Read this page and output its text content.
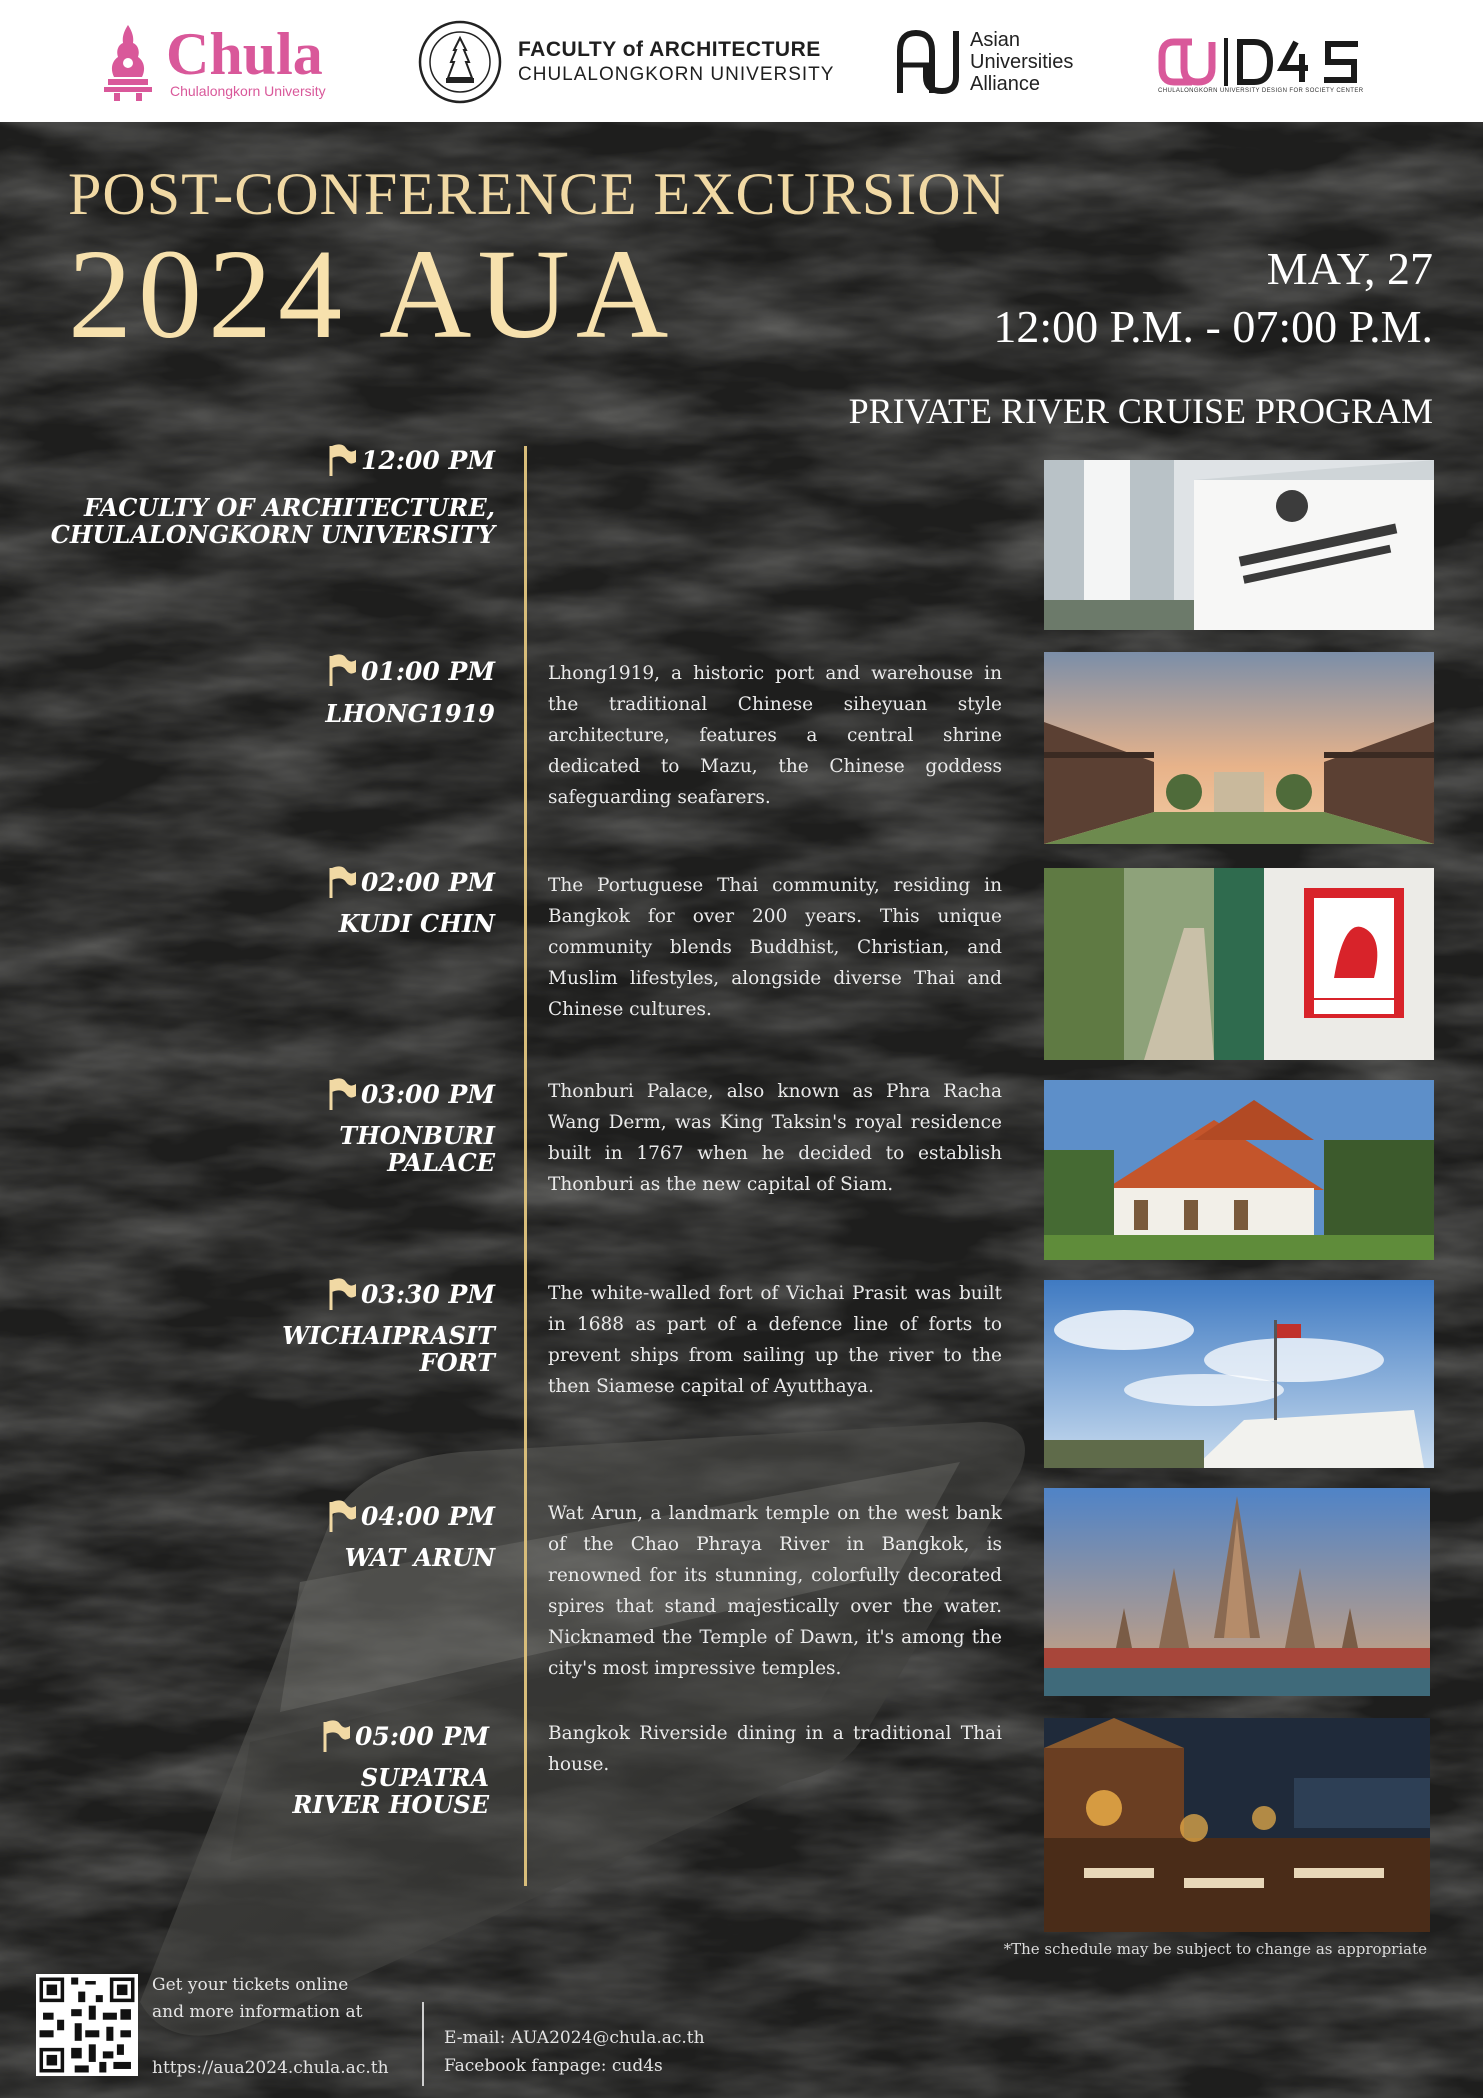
Chula
Chulalongkorn University
FACULTY of ARCHITECTURE
CHULALONGKORN UNIVERSITY
Asian
Universities
Alliance	CHULALONGKORN UNIVERSITY DESIGN FOR SOCIETY CENTER
POST-CONFERENCE EXCURSION
2024 AUA	MAY, 27
12:00 P.M. - 07:00 P.M.
PRIVATE RIVER CRUISE PROGRAM
12:00 PM
FACULTY OF ARCHITECTURE,
CHULALONGKORN UNIVERSITY
01:00 PM
LHONG1919
Lhong1919, a historic port and warehouse in the traditional Chinese siheyuan style architecture, features a central shrine dedicated to Mazu, the Chinese goddess safeguarding seafarers.
02:00 PM
KUDI CHIN
The Portuguese Thai community, residing in Bangkok for over 200 years. This unique community blends Buddhist, Christian, and Muslim lifestyles, alongside diverse Thai and Chinese cultures.
03:00 PM
THONBURI
PALACE
Thonburi Palace, also known as Phra Racha Wang Derm, was King Taksin's royal residence built in 1767 when he decided to establish Thonburi as the new capital of Siam.
03:30 PM
WICHAIPRASIT
FORT
The white-walled fort of Vichai Prasit was built in 1688 as part of a defence line of forts to prevent ships from sailing up the river to the then Siamese capital of Ayutthaya.
04:00 PM
WAT ARUN
Wat Arun, a landmark temple on the west bank of the Chao Phraya River in Bangkok, is renowned for its stunning, colorfully decorated spires that stand majestically over the water. Nicknamed the Temple of Dawn, it's among the city's most impressive temples.
05:00 PM
SUPATRA
RIVER HOUSE
Bangkok Riverside dining in a traditional Thai house.
*The schedule may be subject to change as appropriate
Get your tickets online
and more information at
https://aua2024.chula.ac.th
E-mail: AUA2024@chula.ac.th
Facebook fanpage: cud4s
